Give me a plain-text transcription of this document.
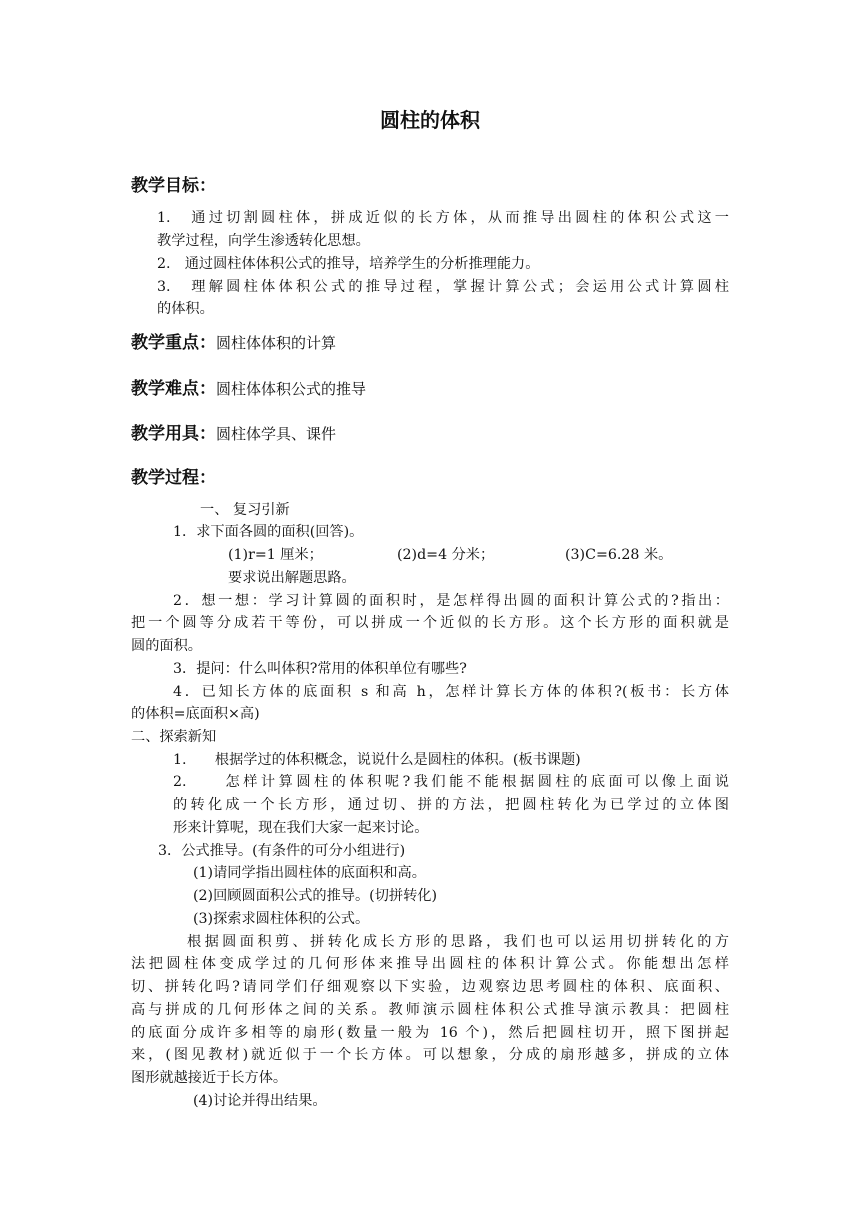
圆柱的体积
教学目标：
1.　通过切割圆柱体，拼成近似的长方体，从而推导出圆柱的体积公式这一
教学过程，向学生渗透转化思想。
2.　通过圆柱体体积公式的推导，培养学生的分析推理能力。
3.　理解圆柱体体积公式的推导过程，掌握计算公式；会运用公式计算圆柱
的体积。
教学重点：圆柱体体积的计算
教学难点：圆柱体体积公式的推导
教学用具：圆柱体学具、课件
教学过程：
一、 复习引新
1．求下面各圆的面积(回答)。
(1)r=1 厘米；	(2)d=4 分米；	(3)C=6.28 米。
要求说出解题思路。
2．想一想：学习计算圆的面积时，是怎样得出圆的面积计算公式的?指出：
把一个圆等分成若干等份，可以拼成一个近似的长方形。这个长方形的面积就是
圆的面积。
3．提问：什么叫体积?常用的体积单位有哪些?
4．已知长方体的底面积 s 和高 h，怎样计算长方体的体积?(板书：长方体
的体积=底面积×高)
二、探索新知
1.　　根据学过的体积概念，说说什么是圆柱的体积。(板书课题)
2.　　怎样计算圆柱的体积呢?我们能不能根据圆柱的底面可以像上面说
的转化成一个长方形，通过切、拼的方法，把圆柱转化为已学过的立体图
形来计算呢，现在我们大家一起来讨论。
3．公式推导。(有条件的可分小组进行)
(1)请同学指出圆柱体的底面积和高。
(2)回顾圆面积公式的推导。(切拼转化)
(3)探索求圆柱体积的公式。
根据圆面积剪、拼转化成长方形的思路，我们也可以运用切拼转化的方
法把圆柱体变成学过的几何形体来推导出圆柱的体积计算公式。你能想出怎样
切、拼转化吗?请同学们仔细观察以下实验，边观察边思考圆柱的体积、底面积、
高与拼成的几何形体之间的关系。教师演示圆柱体积公式推导演示教具：把圆柱
的底面分成许多相等的扇形(数量一般为 16 个)，然后把圆柱切开，照下图拼起
来，(图见教材)就近似于一个长方体。可以想象，分成的扇形越多，拼成的立体
图形就越接近于长方体。
(4)讨论并得出结果。
